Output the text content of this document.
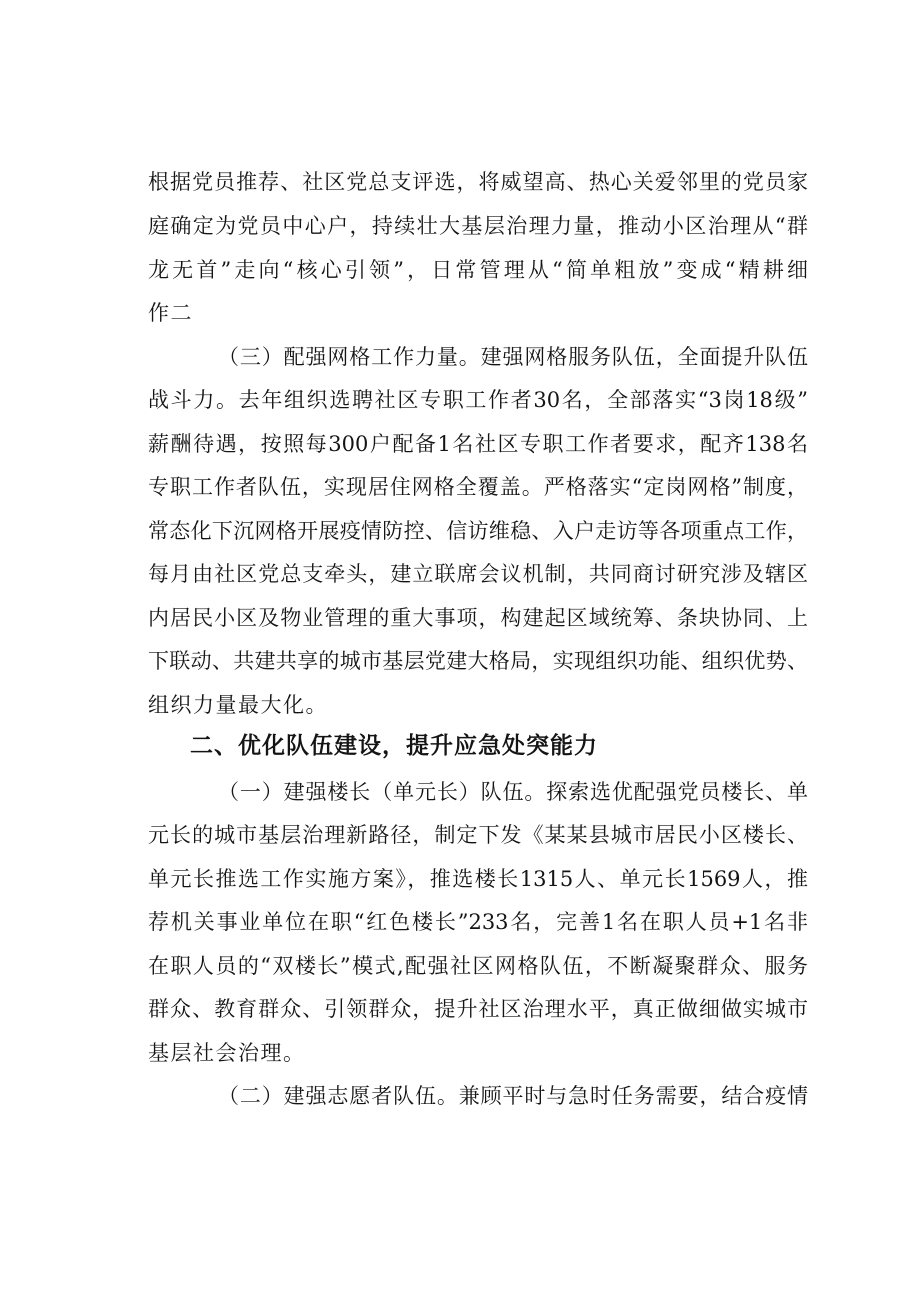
根据党员推荐、社区党总支评选，将威望高、热心关爱邻里的党员家
庭确定为党员中心户，持续壮大基层治理力量，推动小区治理从“群
龙无首”走向“核心引领”，日常管理从“简单粗放”变成“精耕细
作二
（三）配强网格工作力量。建强网格服务队伍，全面提升队伍
战斗力。去年组织选聘社区专职工作者30名，全部落实“3岗18级”
薪酬待遇，按照每300户配备1名社区专职工作者要求，配齐138名
专职工作者队伍，实现居住网格全覆盖。严格落实“定岗网格”制度，
常态化下沉网格开展疫情防控、信访维稳、入户走访等各项重点工作，
每月由社区党总支牵头，建立联席会议机制，共同商讨研究涉及辖区
内居民小区及物业管理的重大事项，构建起区域统筹、条块协同、上
下联动、共建共享的城市基层党建大格局，实现组织功能、组织优势、
组织力量最大化。
二、优化队伍建设，提升应急处突能力
（一）建强楼长（单元长）队伍。探索选优配强党员楼长、单
元长的城市基层治理新路径，制定下发《某某县城市居民小区楼长、
单元长推选工作实施方案》，推选楼长1315人、单元长1569人，推
荐机关事业单位在职“红色楼长”233名，完善1名在职人员+1名非
在职人员的“双楼长”模式,配强社区网格队伍，不断凝聚群众、服务
群众、教育群众、引领群众，提升社区治理水平，真正做细做实城市
基层社会治理。
（二）建强志愿者队伍。兼顾平时与急时任务需要，结合疫情
